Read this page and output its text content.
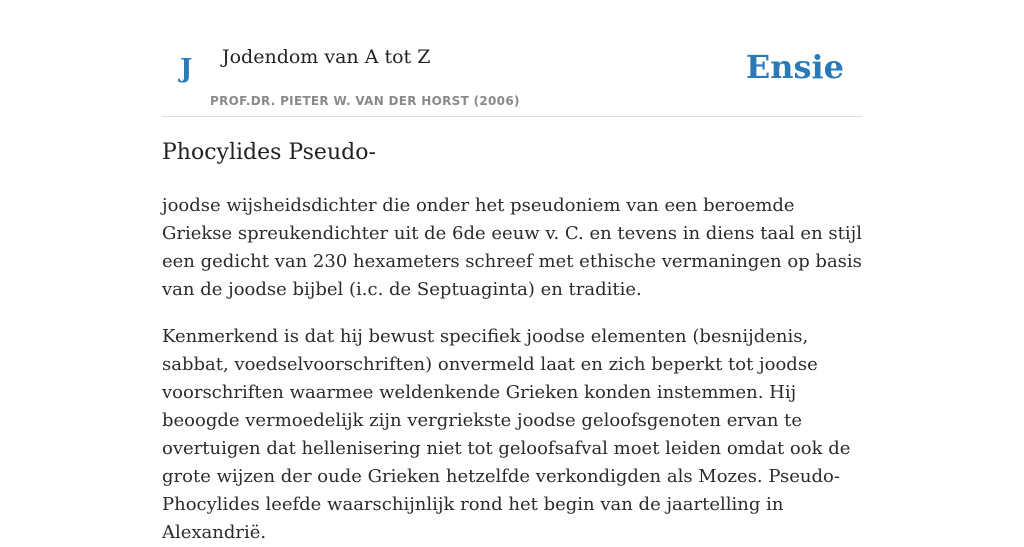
J Jodendom van A tot Z
PROF.DR. PIETER W. VAN DER HORST (2006)
Ensie
Phocylides Pseudo-

joodse wijsheidsdichter die onder het pseudoniem van een beroemde Griekse spreukendichter uit de 6de eeuw v. C. en tevens in diens taal en stijl een gedicht van 230 hexameters schreef met ethische vermaningen op basis van de joodse bijbel (i.c. de Septuaginta) en traditie.

Kenmerkend is dat hij bewust specifiek joodse elementen (besnijdenis, sabbat, voedselvoorschriften) onvermeld laat en zich beperkt tot joodse voorschriften waarmee weldenkende Grieken konden instemmen. Hij beoogde vermoedelijk zijn vergriekste joodse geloofsgenoten ervan te overtuigen dat hellenisering niet tot geloofsafval moet leiden omdat ook de grote wijzen der oude Grieken hetzelfde verkondigden als Mozes. Pseudo-Phocylides leefde waarschijnlijk rond het begin van de jaartelling in Alexandrië.
